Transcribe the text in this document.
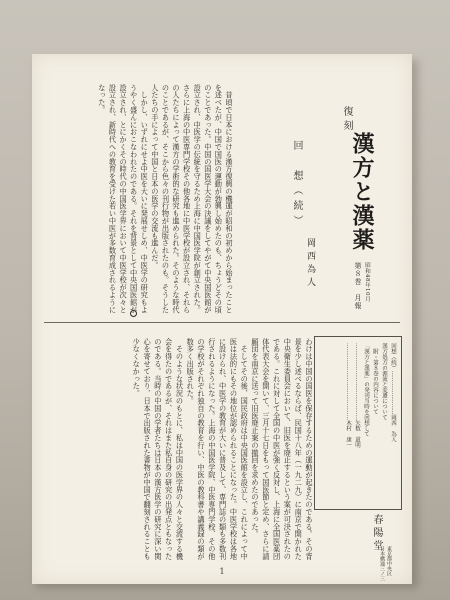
　昔頃で日本における漢方復興の機運が昭和の初めから始まったことを述べたが、中国で国医の運動が勃興し始めたのも、ちょうどその頃のことであった。中国の国医学大会の決議をしてやがて中央国医館が設立され、中医学の伝統を守るため上海に中国医学院が創立された。さらに上海の中医専門学校その他各地に中医学校が設立され、それらの人たちによって漢方の学術的な研究も進められた。そのような時代のことであるが、そこから色々の刊行物が出版されたのも。そうした人たちの手によって中国と日本の医学の交流も進んだ。

　しかし、いずれにせよ中医を大いに発展せしめ、中医学の研究もようやく盛んにおこなわれたのである。それを背景として中央国医館が設立され、とにかくその時代の中国医学界において中医学校が次々と設立され、新時代への教育を受けた若い中医が多数育成されるようになった。

回　想（続）
岡西為人
復刻
漢方と漢薬
第８巻　月報 昭和48年10月

わけは中国の国医を保存するための運動が起きたのである。その背景を少し述べるならば、民国十八年（一九二九）に南京で開かれた中央衛生委員会において、旧医を廃止するという案が可決されたのである。これに対して全国の中医が強く反対し、上海に全国医薬団体代表大会を開いて、三月十七日をもって国医節と定め、さらに請願団を南京に送って旧医廃止案の撤回を求めたのであった。

　そしてその後、国民政府は中央国医館を設立し、これによって中医は法的にもその地位が認められることになった。中医学校は各地に設けられ、中医学の教育が大いに普及して、専門誌の類も多数刊行されるようになった。上海の中国医学院、中医専門学校、その他の学校がそれぞれ独自の教育を行い、中医の教科書や講義録の類が数多く出版された。

　そのような状況のもとに、私は中国の医学界の人々と交流する機会を得たのであるが、それはまた私自身の研究の出発点ともなったのである。当時の中国の学者たちは日本の漢方医学の研究に深い関心を寄せており、日本で出版された書物が中国で翻刻されることも少なくなかった。	回想（続）……………………岡西　為人
漢方処方の源流と変遷について
　附・第８巻の内容について
「漢方と漢薬」の発刊当時を回想して
……………………………………矢数　道明
……………………………………木村　康一
春陽堂
東京都中央区
日本橋通三ノ三
1
